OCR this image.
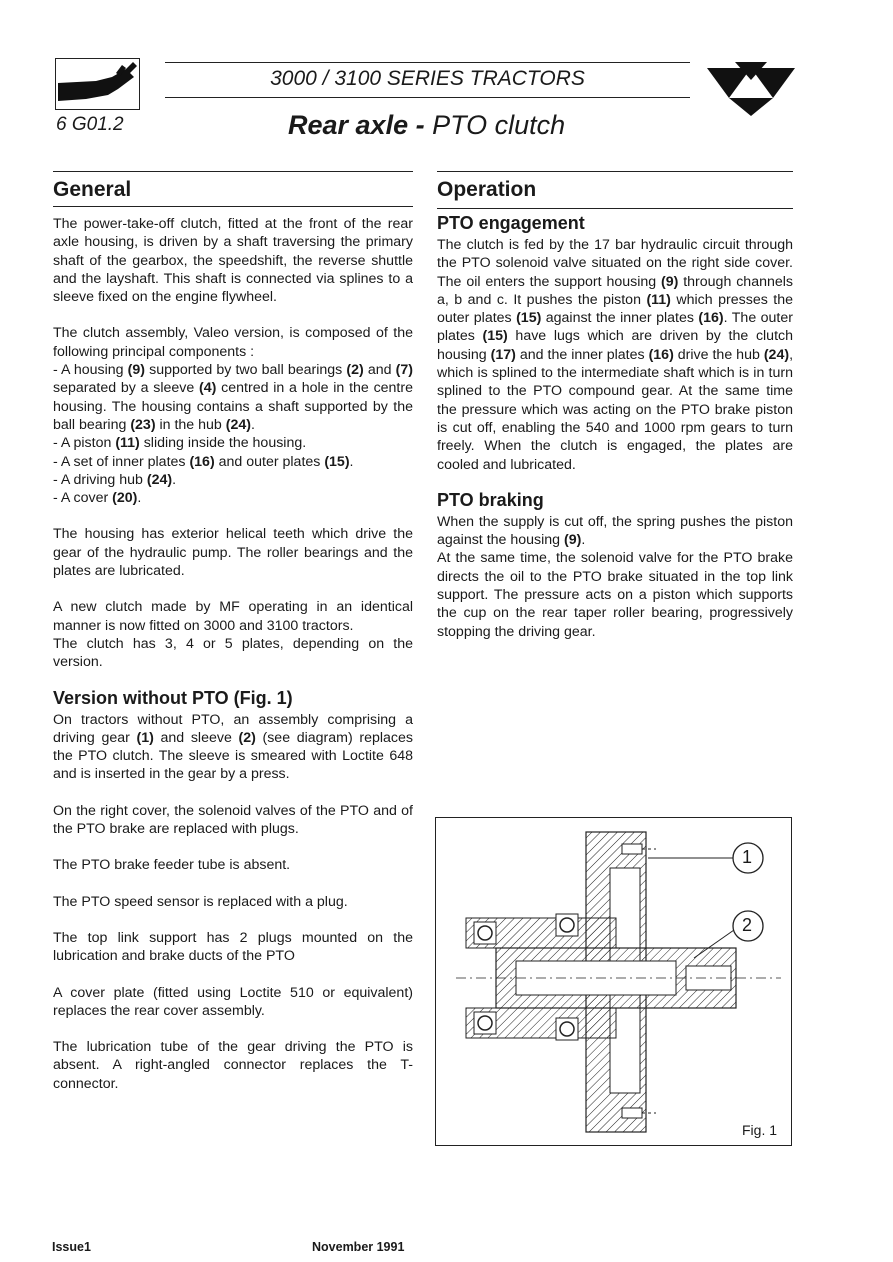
3000 / 3100 SERIES TRACTORS
6 G01.2	Rear axle - PTO clutch
General

The power-take-off clutch, fitted at the front of the rear axle housing, is driven by a shaft traversing the primary shaft of the gearbox, the speedshift, the reverse shuttle and the layshaft. This shaft is connected via splines to a sleeve fixed on the engine flywheel.

The clutch assembly, Valeo version, is composed of the following principal components :

- A housing (9) supported by two ball bearings (2) and (7) separated by a sleeve (4) centred in a hole in the centre housing. The housing contains a shaft supported by the ball bearing (23) in the hub (24).

- A piston (11) sliding inside the housing.

- A set of inner plates (16) and outer plates (15).

- A driving hub (24).

- A cover (20).

The housing has exterior helical teeth which drive the gear of the hydraulic pump. The roller bearings and the plates are lubricated.

A new clutch made by MF operating in an identical manner is now fitted on 3000 and 3100 tractors.

The clutch has 3, 4 or 5 plates, depending on the version.

Version without PTO (Fig. 1)

On tractors without PTO, an assembly comprising a driving gear (1) and sleeve (2) (see diagram) replaces the PTO clutch. The sleeve is smeared with Loctite 648 and is inserted in the gear by a press.

On the right cover, the solenoid valves of the PTO and of the PTO brake are replaced with plugs.

The PTO brake feeder tube is absent.

The PTO speed sensor is replaced with a plug.

The top link support has 2 plugs mounted on the lubrication and brake ducts of the PTO

A cover plate (fitted using Loctite 510 or equivalent) replaces the rear cover assembly.

The lubrication tube of the gear driving the PTO is absent. A right-angled connector replaces the T-connector.

Operation
PTO engagement

The clutch is fed by the 17 bar hydraulic circuit through the PTO solenoid valve situated on the right side cover. The oil enters the support housing (9) through channels a, b and c. It pushes the piston (11) which presses the outer plates (15) against the inner plates (16). The outer plates (15) have lugs which are driven by the clutch housing (17) and the inner plates (16) drive the hub (24), which is splined to the intermediate shaft which is in turn splined to the PTO compound gear. At the same time the pressure which was acting on the PTO brake piston is cut off, enabling the 540 and 1000 rpm gears to turn freely. When the clutch is engaged, the plates are cooled and lubricated.

PTO braking

When the supply is cut off, the spring pushes the piston against the housing (9).

At the same time, the solenoid valve for the PTO brake directs the oil to the PTO brake situated in the top link support. The pressure acts on a piston which supports the cup on the rear taper roller bearing, progressively stopping the driving gear.

1
2
Fig. 1
Issue1	November 1991
